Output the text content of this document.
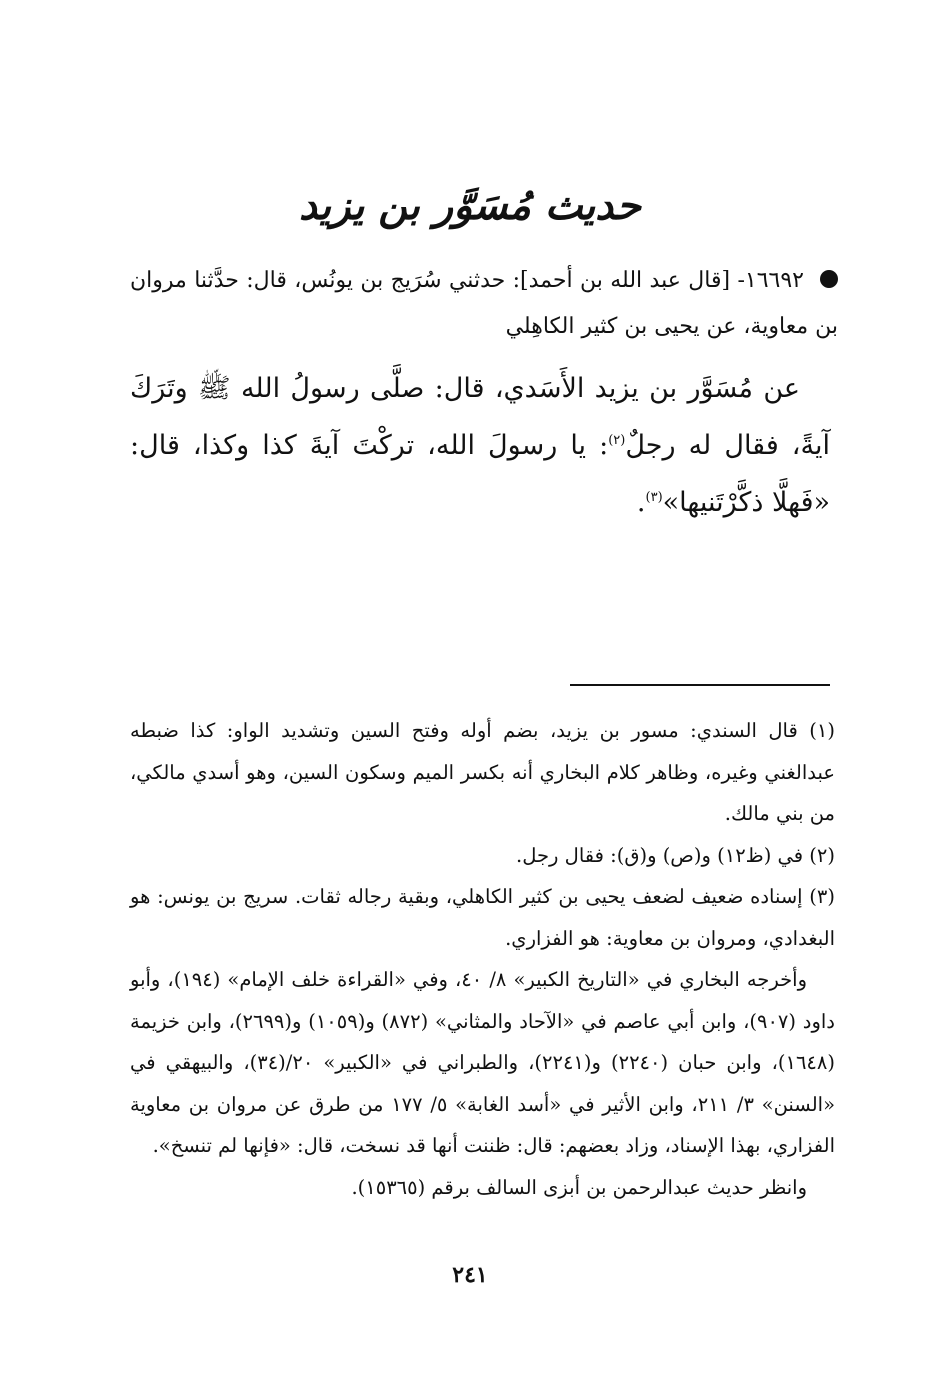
حديث مُسَوَّر بن يزيد
١٦٦٩٢- [قال عبد الله بن أحمد]: حدثني سُرَيج بن يونُس، قال: حدَّثنا مروان بن معاوية، عن يحيى بن كثير الكاهِلي
عن مُسَوَّر بن يزيد الأَسَدي، قال: صلَّى رسولُ الله ﷺ وتَرَكَ آيةً، فقال له رجلٌ$^{(٢)}$: يا رسولَ الله، تركْتَ آيةَ كذا وكذا، قال: «فَهلَّا ذكَّرْتَنيها»$^{(٣)}$.

(١) قال السندي: مسور بن يزيد، بضم أوله وفتح السين وتشديد الواو: كذا ضبطه عبدالغني وغيره، وظاهر كلام البخاري أنه بكسر الميم وسكون السين، وهو أسدي مالكي، من بني مالك.

(٢) في (ظ١٢) و(ص) و(ق): فقال رجل.

(٣) إسناده ضعيف لضعف يحيى بن كثير الكاهلي، وبقية رجاله ثقات. سريج بن يونس: هو البغدادي، ومروان بن معاوية: هو الفزاري.

وأخرجه البخاري في «التاريخ الكبير» ٨/ ٤٠، وفي «القراءة خلف الإمام» (١٩٤)، وأبو داود (٩٠٧)، وابن أبي عاصم في «الآحاد والمثاني» (٨٧٢) و(١٠٥٩) و(٢٦٩٩)، وابن خزيمة (١٦٤٨)، وابن حبان (٢٢٤٠) و(٢٢٤١)، والطبراني في «الكبير» ٢٠/(٣٤)، والبيهقي في «السنن» ٣/ ٢١١، وابن الأثير في «أسد الغابة» ٥/ ١٧٧ من طرق عن مروان بن معاوية الفزاري، بهذا الإسناد، وزاد بعضهم: قال: ظننت أنها قد نسخت، قال: «فإنها لم تنسخ».

وانظر حديث عبدالرحمن بن أبزى السالف برقم (١٥٣٦٥).

٢٤١
